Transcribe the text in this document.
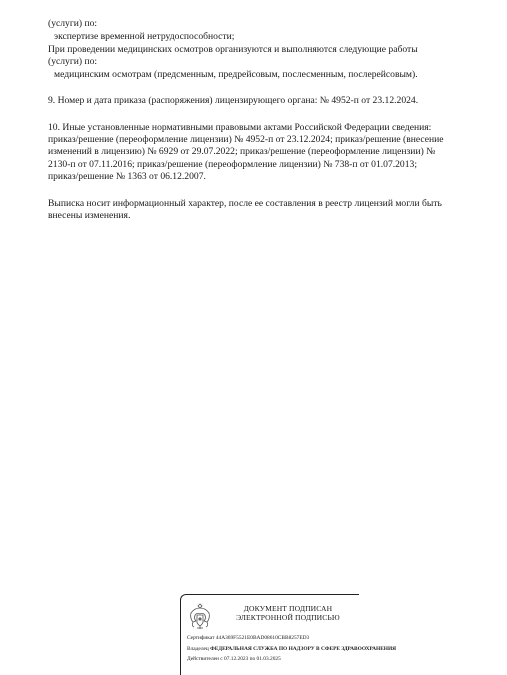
(услуги) по:
экспертизе временной нетрудоспособности;
При проведении медицинских осмотров организуются и выполняются следующие работы
(услуги) по:
медицинским осмотрам (предсменным, предрейсовым, послесменным, послерейсовым).
9. Номер и дата приказа (распоряжения) лицензирующего органа: № 4952-п от 23.12.2024.
10. Иные установленные нормативными правовыми актами Российской Федерации сведения:
приказ/решение (переоформление лицензии) № 4952-п от 23.12.2024; приказ/решение (внесение
изменений в лицензию) № 6929 от 29.07.2022; приказ/решение (переоформление лицензии) №
2130-п от 07.11.2016; приказ/решение (переоформление лицензии) № 738-п от 01.07.2013;
приказ/решение № 1363 от 06.12.2007.
Выписка носит информационный характер, после ее составления в реестр лицензий могли быть
внесены изменения.
ДОКУМЕНТ ПОДПИСАН
ЭЛЕКТРОННОЙ ПОДПИСЬЮ
Сертификат 44A369F5521E0BAD08610CBB8257ED3
Владелец ФЕДЕРАЛЬНАЯ СЛУЖБА ПО НАДЗОРУ В СФЕРЕ ЗДРАВООХРАНЕНИЯ
Действителен с 07.12.2023 по 01.03.2025
